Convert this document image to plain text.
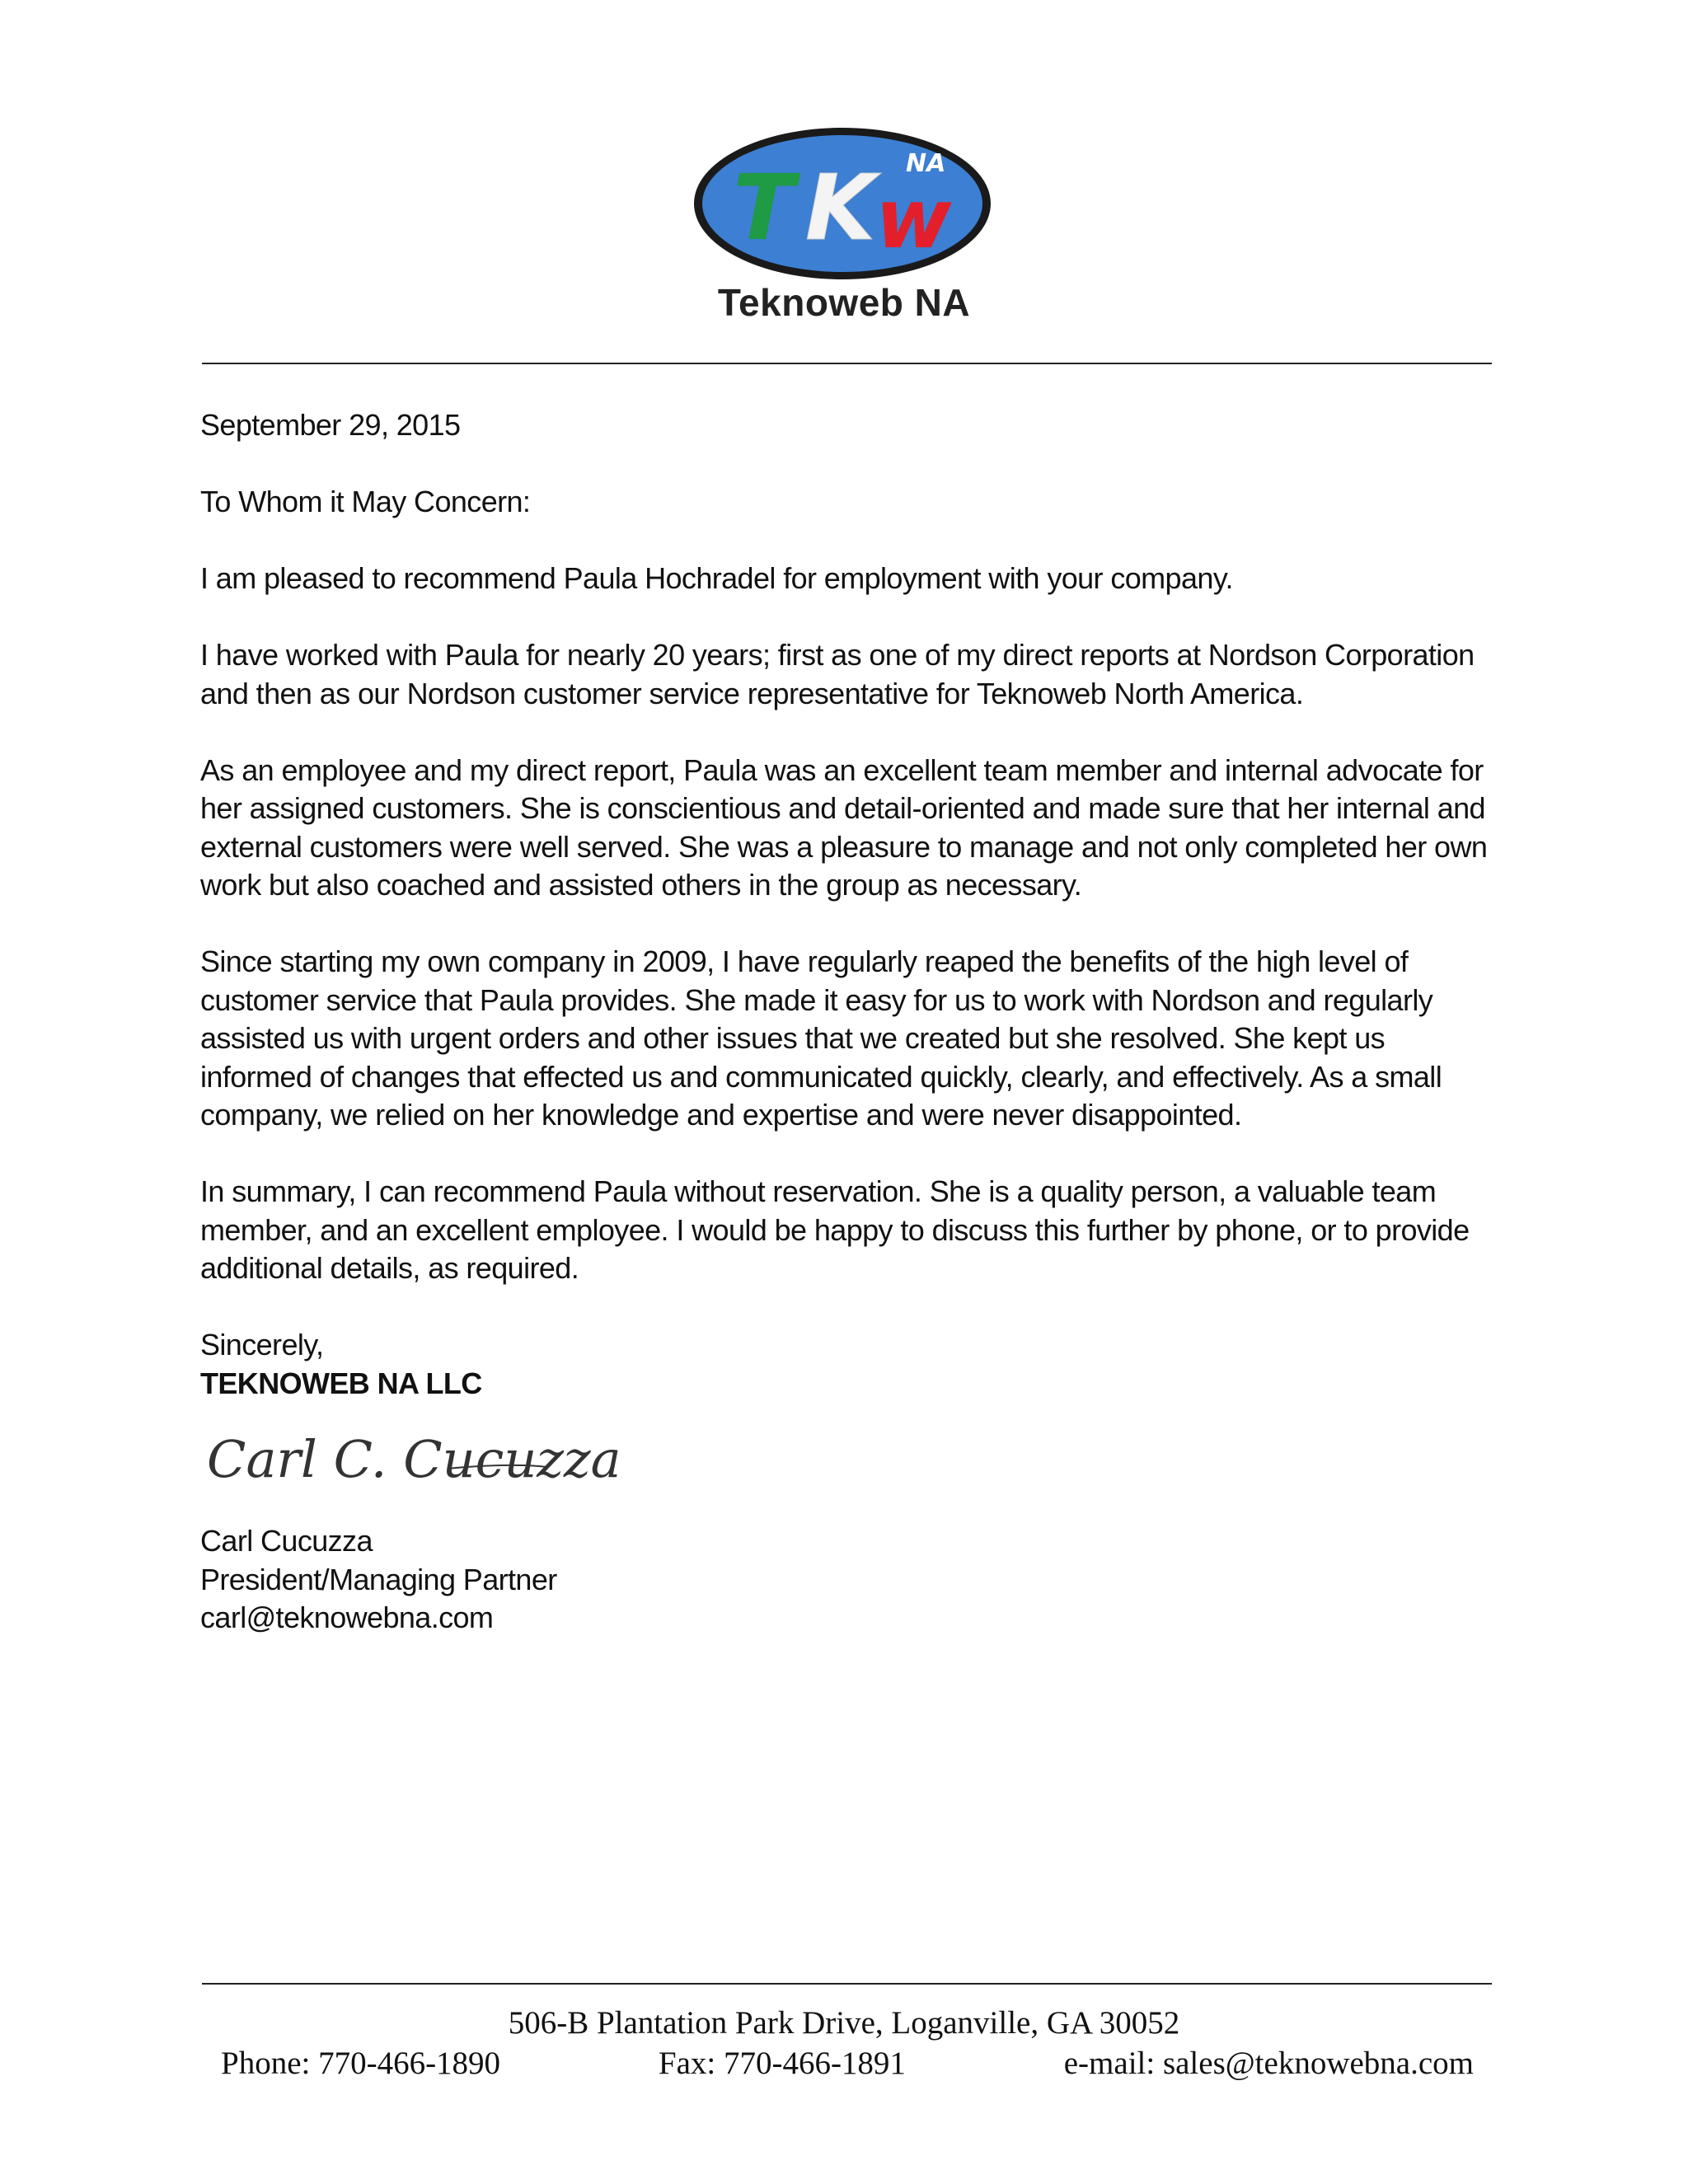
T K w
NA
Teknoweb NA

September 29, 2015

To Whom it May Concern:

I am pleased to recommend Paula Hochradel for employment with your company.

I have worked with Paula for nearly 20 years; first as one of my direct reports at Nordson Corporation and then as our Nordson customer service representative for Teknoweb North America.

As an employee and my direct report, Paula was an excellent team member and internal advocate for her assigned customers. She is conscientious and detail-oriented and made sure that her internal and external customers were well served. She was a pleasure to manage and not only completed her own work but also coached and assisted others in the group as necessary.

Since starting my own company in 2009, I have regularly reaped the benefits of the high level of customer service that Paula provides. She made it easy for us to work with Nordson and regularly assisted us with urgent orders and other issues that we created but she resolved. She kept us informed of changes that effected us and communicated quickly, clearly, and effectively. As a small company, we relied on her knowledge and expertise and were never disappointed.

In summary, I can recommend Paula without reservation. She is a quality person, a valuable team member, and an excellent employee. I would be happy to discuss this further by phone, or to provide additional details, as required.

Sincerely,
TEKNOWEB NA LLC
Carl C. Cucuzza
Carl Cucuzza
President/Managing Partner
carl@teknowebna.com
506-B Plantation Park Drive, Loganville, GA 30052
Phone: 770-466-1890	Fax: 770-466-1891	e-mail: sales@teknowebna.com
